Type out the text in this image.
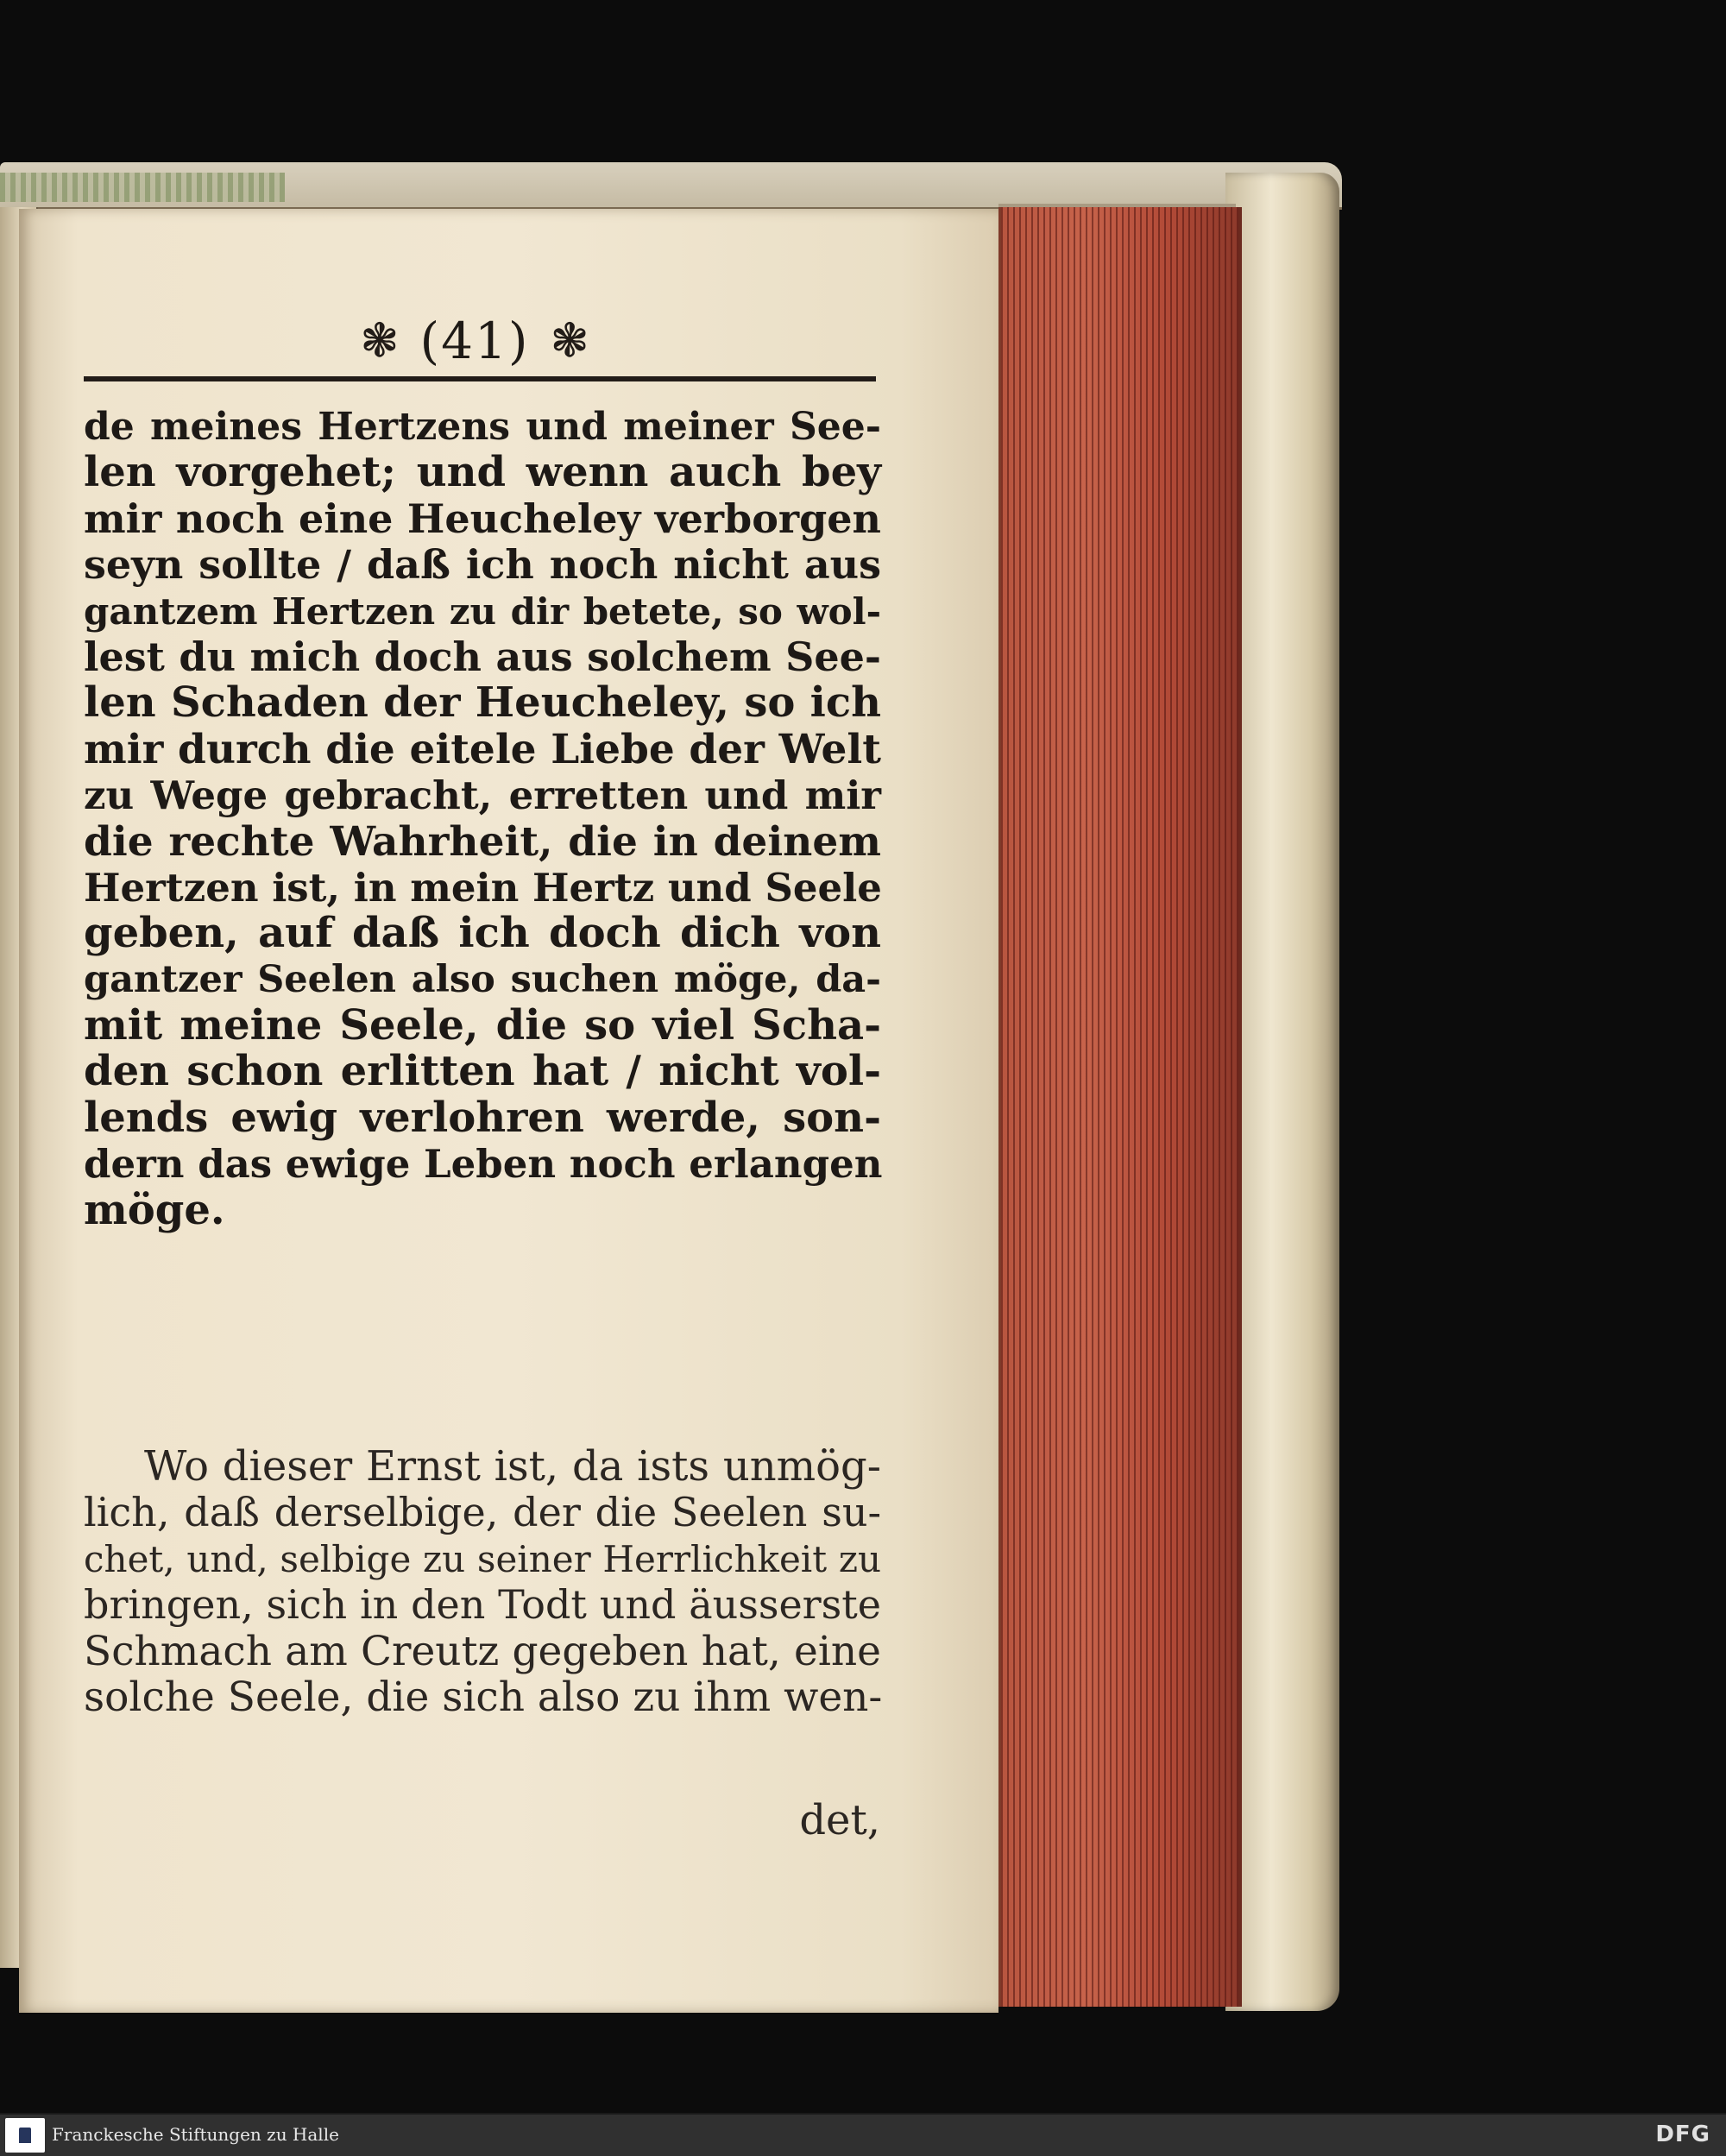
❃ (41) ❃
de meines Hertzens und meiner See-
len vorgehet; und wenn auch bey
mir noch eine Heucheley verborgen
seyn sollte / daß ich noch nicht aus
gantzem Hertzen zu dir betete, so wol-
lest du mich doch aus solchem See-
len Schaden der Heucheley, so ich
mir durch die eitele Liebe der Welt
zu Wege gebracht, erretten und mir
die rechte Wahrheit, die in deinem
Hertzen ist, in mein Hertz und Seele
geben, auf daß ich doch dich von
gantzer Seelen also suchen möge, da-
mit meine Seele, die so viel Scha-
den schon erlitten hat / nicht vol-
lends ewig verlohren werde, son-
dern das ewige Leben noch erlangen
möge.
Wo dieser Ernst ist, da ists unmög-
lich, daß derselbige, der die Seelen su-
chet, und, selbige zu seiner Herrlichkeit zu
bringen, sich in den Todt und äusserste
Schmach am Creutz gegeben hat, eine
solche Seele, die sich also zu ihm wen-
det,
Franckesche Stiftungen zu Halle	DFG
